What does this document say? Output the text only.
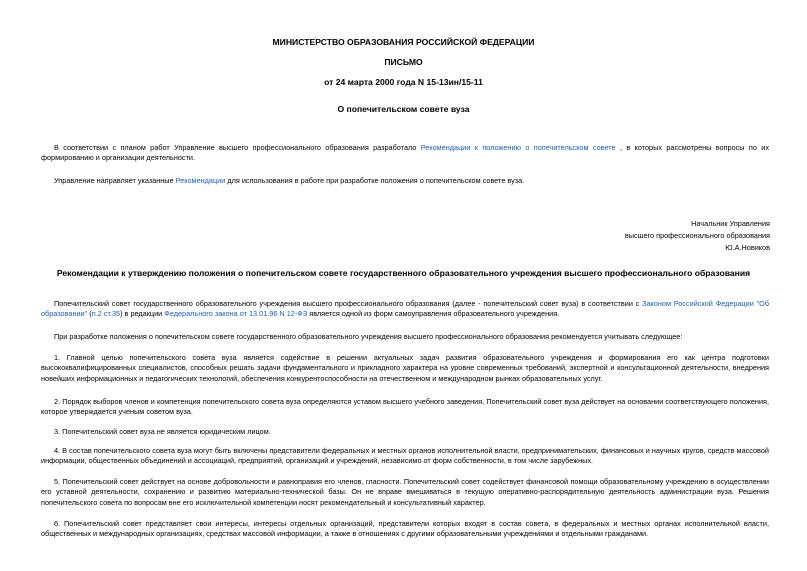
МИНИСТЕРСТВО ОБРАЗОВАНИЯ РОССИЙСКОЙ ФЕДЕРАЦИИ
ПИСЬМО
от 24 марта 2000 года N 15-13ин/15-11
О попечительском совете вуза

В соответствии с планом работ Управление высшего профессионального образования разработало Рекомендации к положению о попечительском совете , в которых рассмотрены вопросы по их формированию и организации деятельности.

Управление направляет указанные Рекомендации для использования в работе при разработке положения о попечительском совете вуза.

Начальник Управления
высшего профессионального образования
Ю.А.Новиков
Рекомендации к утверждению положения о попечительском совете государственного образовательного учреждения высшего профессионального образования

Попечительский совет государственного образовательного учреждения высшего профессионального образования (далее - попечительский совет вуза) в соответствии с Законом Российской Федерации "Об образовании" (п.2 ст.35) в редакции Федерального закона от 13.01.96 N 12-ФЗ является одной из форм самоуправления образовательного учреждения.

При разработке положения о попечительском совете государственного образовательного учреждения высшего профессионального образования рекомендуется учитывать следующее:

1. Главной целью попечительского совета вуза является содействие в решении актуальных задач развития образовательного учреждения и формирования его как центра подготовки высококвалифицированных специалистов, способных решать задачи фундаментального и прикладного характера на уровне современных требований, экспертной и консультационной деятельности, внедрения новейших информационных и педагогических технологий, обеспечения конкурентоспособности на отечественном и международном рынках образовательных услуг.

2. Порядок выборов членов и компетенция попечительского совета вуза определяются уставом высшего учебного заведения. Попечительский совет вуза действует на основании соответствующего положения, которое утверждается ученым советом вуза.

3. Попечительский совет вуза не является юридическим лицом.

4. В состав попечительского совета вуза могут быть включены представители федеральных и местных органов исполнительной власти, предпринимательских, финансовых и научных кругов, средств массовой информации, общественных объединений и ассоциаций, предприятий, организаций и учреждений, независимо от форм собственности, в том числе зарубежных.

5. Попечительский совет действует на основе добровольности и равноправия его членов, гласности. Попечительский совет содействует финансовой помощи образовательному учреждению в осуществлении его уставной деятельности, сохранению и развитию материально-технической базы. Он не вправе вмешиваться в текущую оперативно-распорядительную деятельность администрации вуза. Решения попечительского совета по вопросам вне его исключительной компетенции носят рекомендательный и консультативный характер.

6. Попечительский совет представляет свои интересы, интересы отдельных организаций, представители которых входят в состав совета, в федеральных и местных органах исполнительной власти, общественных и международных организациях, средствах массовой информации, а также в отношениях с другими образовательными учреждениями и отдельными гражданами.
